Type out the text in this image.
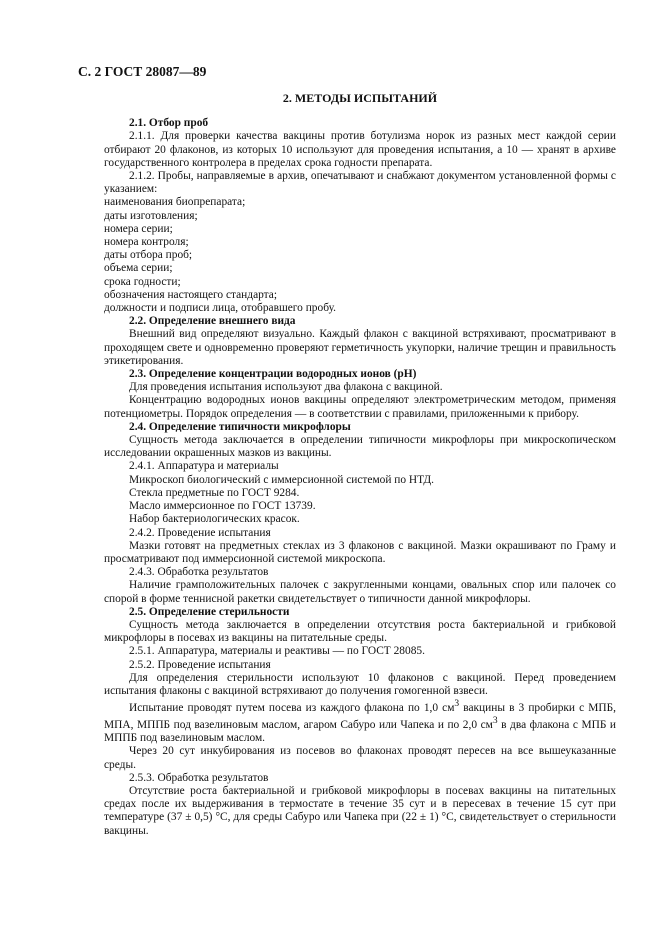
С. 2 ГОСТ 28087—89
2. МЕТОДЫ ИСПЫТАНИЙ

2.1. Отбор проб

2.1.1. Для проверки качества вакцины против ботулизма норок из разных мест каждой серии отбирают 20 флаконов, из которых 10 используют для проведения испытания, а 10 — хранят в архиве государственного контролера в пределах срока годности препарата.

2.1.2. Пробы, направляемые в архив, опечатывают и снабжают документом установленной формы с указанием:

наименования биопрепарата;

даты изготовления;

номера серии;

номера контроля;

даты отбора проб;

объема серии;

срока годности;

обозначения настоящего стандарта;

должности и подписи лица, отобравшего пробу.

2.2. Определение внешнего вида

Внешний вид определяют визуально. Каждый флакон с вакциной встряхивают, просматривают в проходящем свете и одновременно проверяют герметичность укупорки, наличие трещин и правильность этикетирования.

2.3. Определение концентрации водородных ионов (pH)

Для проведения испытания используют два флакона с вакциной.

Концентрацию водородных ионов вакцины определяют электрометрическим методом, применяя потенциометры. Порядок определения — в соответствии с правилами, приложенными к прибору.

2.4. Определение типичности микрофлоры

Сущность метода заключается в определении типичности микрофлоры при микроскопическом исследовании окрашенных мазков из вакцины.

2.4.1. Аппаратура и материалы

Микроскоп биологический с иммерсионной системой по НТД.

Стекла предметные по ГОСТ 9284.

Масло иммерсионное по ГОСТ 13739.

Набор бактериологических красок.

2.4.2. Проведение испытания

Мазки готовят на предметных стеклах из 3 флаконов с вакциной. Мазки окрашивают по Граму и просматривают под иммерсионной системой микроскопа.

2.4.3. Обработка результатов

Наличие грамположительных палочек с закругленными концами, овальных спор или палочек со спорой в форме теннисной ракетки свидетельствует о типичности данной микрофлоры.

2.5. Определение стерильности

Сущность метода заключается в определении отсутствия роста бактериальной и грибковой микрофлоры в посевах из вакцины на питательные среды.

2.5.1. Аппаратура, материалы и реактивы — по ГОСТ 28085.

2.5.2. Проведение испытания

Для определения стерильности используют 10 флаконов с вакциной. Перед проведением испытания флаконы с вакциной встряхивают до получения гомогенной взвеси.

Испытание проводят путем посева из каждого флакона по 1,0 $см^3$ вакцины в 3 пробирки с МПБ, МПА, МППБ под вазелиновым маслом, агаром Сабуро или Чапека и по 2,0 $см^3$ в два флакона с МПБ и МППБ под вазелиновым маслом.

Через 20 сут инкубирования из посевов во флаконах проводят пересев на все вышеуказанные среды.

2.5.3. Обработка результатов

Отсутствие роста бактериальной и грибковой микрофлоры в посевах вакцины на питательных средах после их выдерживания в термостате в течение 35 сут и в пересевах в течение 15 сут при температуре (37 ± 0,5) °С, для среды Сабуро или Чапека при (22 ± 1) °С, свидетельствует о стерильности вакцины.
